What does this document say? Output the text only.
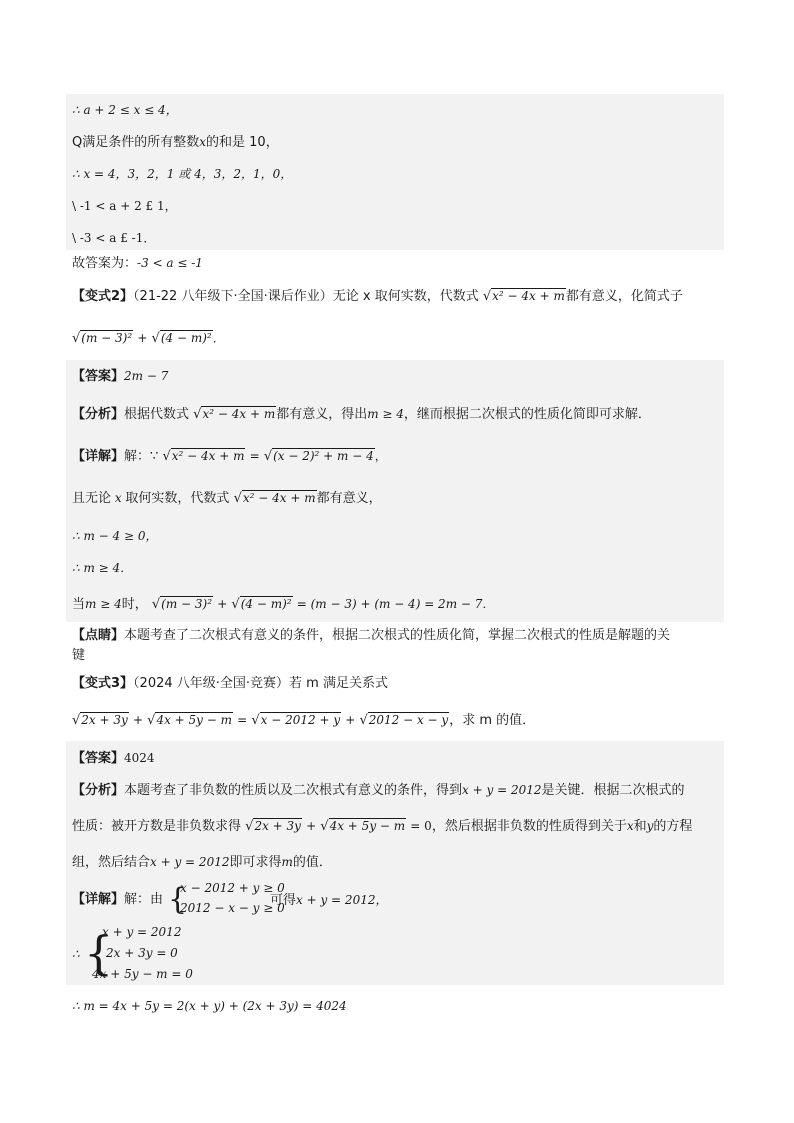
∴ a + 2 ≤ x ≤ 4，
Q满足条件的所有整数x的和是 10，
∴ x = 4，3，2，1 或 4，3，2，1，0，
\ -1 < a + 2 £ 1，
\ -3 < a £ -1．
故答案为：-3 < a ≤ -1
【变式2】（21-22 八年级下·全国·课后作业）无论 x 取何实数，代数式 √x² − 4x + m都有意义，化简式子
√(m − 3)² + √(4 − m)²．
【答案】2m − 7
【分析】根据代数式 √x² − 4x + m都有意义，得出m ≥ 4，继而根据二次根式的性质化简即可求解．
【详解】解：∵ √x² − 4x + m = √(x − 2)² + m − 4，
且无论 x 取何实数，代数式 √x² − 4x + m都有意义，
∴ m − 4 ≥ 0，
∴ m ≥ 4．
当m ≥ 4时， √(m − 3)² + √(4 − m)² = (m − 3) + (m − 4) = 2m − 7．
【点睛】本题考查了二次根式有意义的条件，根据二次根式的性质化简，掌握二次根式的性质是解题的关
键
【变式3】（2024 八年级·全国·竞赛）若 m 满足关系式
√2x + 3y + √4x + 5y − m = √x − 2012 + y + √2012 − x − y，求 m 的值．
【答案】4024
【分析】本题考查了非负数的性质以及二次根式有意义的条件，得到x + y = 2012是关键．根据二次根式的
性质：被开方数是非负数求得 √2x + 3y + √4x + 5y − m = 0，然后根据非负数的性质得到关于x和y的方程
组，然后结合x + y = 2012即可求得m的值．
【详解】解：由 {
x − 2012 + y ≥ 0
2012 − x − y ≥ 0
可得x + y = 2012，
∴ {
x + y = 2012
2x + 3y = 0
4x + 5y − m = 0
∴ m = 4x + 5y = 2(x + y) + (2x + 3y) = 4024
